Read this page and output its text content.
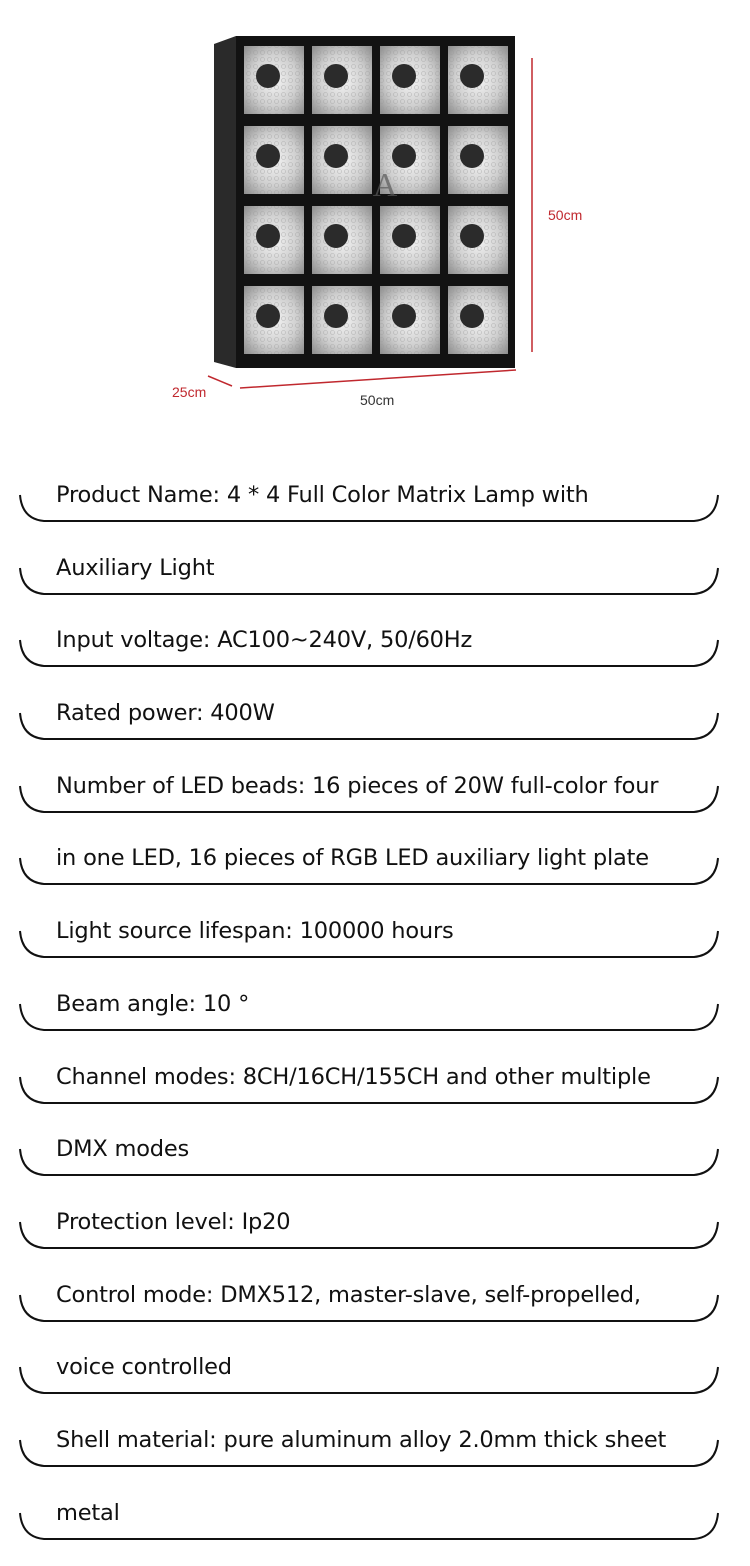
A
50cm
50cm
25cm
Product Name: 4 * 4 Full Color Matrix Lamp with
Auxiliary Light
Input voltage: AC100~240V, 50/60Hz
Rated power: 400W
Number of LED beads: 16 pieces of 20W full-color four
in one LED, 16 pieces of RGB LED auxiliary light plate
Light source lifespan: 100000 hours
Beam angle: 10 °
Channel modes: 8CH/16CH/155CH and other multiple
DMX modes
Protection level: Ip20
Control mode: DMX512, master-slave, self-propelled,
voice controlled
Shell material: pure aluminum alloy 2.0mm thick sheet
metal
